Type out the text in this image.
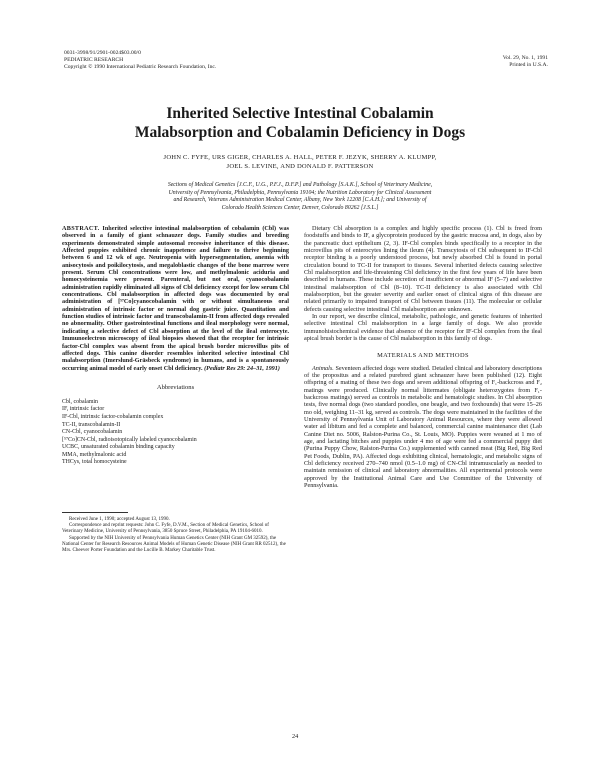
0031-3998/91/2901-0024$03.00/0
PEDIATRIC RESEARCH
Copyright © 1990 International Pediatric Research Foundation, Inc.
Vol. 29, No. 1, 1991
Printed in U.S.A.
Inherited Selective Intestinal Cobalamin
Malabsorption and Cobalamin Deficiency in Dogs
JOHN C. FYFE, URS GIGER, CHARLES A. HALL, PETER F. JEZYK, SHERRY A. KLUMPP,
JOEL S. LEVINE, AND DONALD F. PATTERSON
Sections of Medical Genetics [J.C.F., U.G., P.F.J., D.F.P.] and Pathology [S.A.K.], School of Veterinary Medicine,
University of Pennsylvania, Philadelphia, Pennsylvania 19104; the Nutrition Laboratory for Clinical Assessment
and Research, Veterans Administration Medical Center, Albany, New York 12208 [C.A.H.]; and University of
Colorado Health Sciences Center, Denver, Colorado 80262 [J.S.L.]

ABSTRACT. Inherited selective intestinal malabsorption of cobalamin (Cbl) was observed in a family of giant schnauzer dogs. Family studies and breeding experiments demonstrated simple autosomal recessive inheritance of this disease. Affected puppies exhibited chronic inappetence and failure to thrive beginning between 6 and 12 wk of age. Neutropenia with hypersegmentation, anemia with anisocytosis and poikilocytosis, and megaloblastic changes of the bone marrow were present. Serum Cbl concentrations were low, and methylmalonic aciduria and homocysteinemia were present. Parenteral, but not oral, cyanocobalamin administration rapidly eliminated all signs of Cbl deficiency except for low serum Cbl concentrations. Cbl malabsorption in affected dogs was documented by oral administration of [⁵⁷Co]cyanocobalamin with or without simultaneous oral administration of intrinsic factor or normal dog gastric juice. Quantitation and function studies of intrinsic factor and transcobalamin-II from affected dogs revealed no abnormality. Other gastrointestinal functions and ileal morphology were normal, indicating a selective defect of Cbl absorption at the level of the ileal enterocyte. Immunoelectron microscopy of ileal biopsies showed that the receptor for intrinsic factor-Cbl complex was absent from the apical brush border microvillus pits of affected dogs. This canine disorder resembles inherited selective intestinal Cbl malabsorption (Imerslund-Gräsbeck syndrome) in humans, and is a spontaneously occurring animal model of early onset Cbl deficiency. (Pediatr Res 29: 24–31, 1991)

Abbreviations
Cbl, cobalamin
IF, intrinsic factor
IF-Cbl, intrinsic factor-cobalamin complex
TC-II, transcobalamin-II
CN-Cbl, cyanocobalamin
[⁵⁷Co]CN-Cbl, radioisotopically labeled cyanocobalamin
UCBC, unsaturated cobalamin binding capacity
MMA, methylmalonic acid
THCys, total homocysteine

Received June 1, 1990; accepted August 13, 1990.

Correspondence and reprint requests: John C. Fyfe, D.V.M., Section of Medical Genetics, School of Veterinary Medicine, University of Pennsylvania, 3850 Spruce Street, Philadelphia, PA 19104-6010.

Supported by the NIH University of Pennsylvania Human Genetics Center (NIH Grant GM 32592), the National Center for Research Resources Animal Models of Human Genetic Disease (NIH Grant RR 02512), the Mrs. Cheever Porter Foundation and the Lucille B. Markey Charitable Trust.

Dietary Cbl absorption is a complex and highly specific process (1). Cbl is freed from foodstuffs and binds to IF, a glycoprotein produced by the gastric mucosa and, in dogs, also by the pancreatic duct epithelium (2, 3). IF-Cbl complex binds specifically to a receptor in the microvillus pits of enterocytes lining the ileum (4). Transcytosis of Cbl subsequent to IF-Cbl receptor binding is a poorly understood process, but newly absorbed Cbl is found in portal circulation bound to TC-II for transport to tissues. Several inherited defects causing selective Cbl malabsorption and life-threatening Cbl deficiency in the first few years of life have been described in humans. These include secretion of insufficient or abnormal IF (5–7) and selective intestinal malabsorption of Cbl (8–10). TC-II deficiency is also associated with Cbl malabsorption, but the greater severity and earlier onset of clinical signs of this disease are related primarily to impaired transport of Cbl between tissues (11). The molecular or cellular defects causing selective intestinal Cbl malabsorption are unknown.

In our report, we describe clinical, metabolic, pathologic, and genetic features of inherited selective intestinal Cbl malabsorption in a large family of dogs. We also provide immunohistochemical evidence that absence of the receptor for IF-Cbl complex from the ileal apical brush border is the cause of Cbl malabsorption in this family of dogs.

MATERIALS AND METHODS

Animals. Seventeen affected dogs were studied. Detailed clinical and laboratory descriptions of the propositus and a related purebred giant schnauzer have been published (12). Eight offspring of a mating of these two dogs and seven additional offspring of F₁-backcross and F₂ matings were produced. Clinically normal littermates (obligate heterozygotes from F₁-backcross matings) served as controls in metabolic and hematologic studies. In Cbl absorption tests, five normal dogs (two standard poodles, one beagle, and two foxhounds) that were 15–26 mo old, weighing 11–31 kg, served as controls. The dogs were maintained in the facilities of the University of Pennsylvania Unit of Laboratory Animal Resources, where they were allowed water ad libitum and fed a complete and balanced, commercial canine maintenance diet (Lab Canine Diet no. 5006, Ralston-Purina Co., St. Louis, MO). Puppies were weaned at 1 mo of age, and lactating bitches and puppies under 4 mo of age were fed a commercial puppy diet (Purina Puppy Chow, Ralston-Purina Co.) supplemented with canned meat (Big Red, Big Red Pet Foods, Dublin, PA). Affected dogs exhibiting clinical, hematologic, and metabolic signs of Cbl deficiency received 270–740 nmol (0.5–1.0 mg) of CN-Cbl intramuscularly as needed to maintain remission of clinical and laboratory abnormalities. All experimental protocols were approved by the Institutional Animal Care and Use Committee of the University of Pennsylvania.

24
